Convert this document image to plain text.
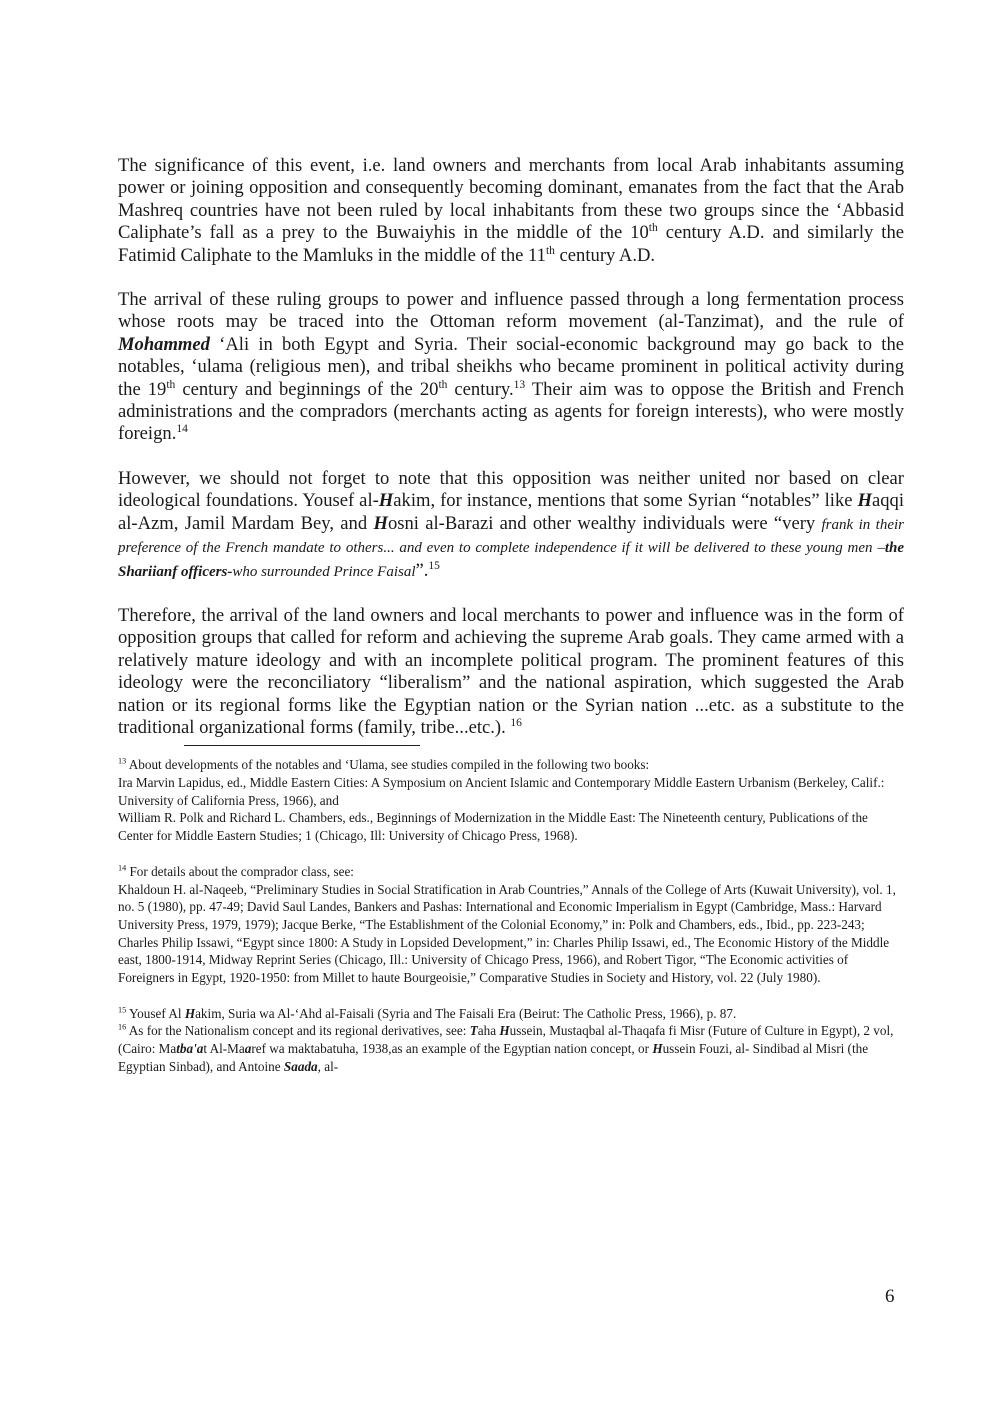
The significance of this event, i.e. land owners and merchants from local Arab inhabitants assuming power or joining opposition and consequently becoming dominant, emanates from the fact that the Arab Mashreq countries have not been ruled by local inhabitants from these two groups since the ‘Abbasid Caliphate’s fall as a prey to the Buwaiyhis in the middle of the 10th century A.D. and similarly the Fatimid Caliphate to the Mamluks in the middle of the 11th century A.D.

The arrival of these ruling groups to power and influence passed through a long fermentation process whose roots may be traced into the Ottoman reform movement (al-Tanzimat), and the rule of Mohammed ‘Ali in both Egypt and Syria. Their social-economic background may go back to the notables, ‘ulama (religious men), and tribal sheikhs who became prominent in political activity during the 19th century and beginnings of the 20th century.$^{13}$ Their aim was to oppose the British and French administrations and the compradors (merchants acting as agents for foreign interests), who were mostly foreign.$^{14}$

However, we should not forget to note that this opposition was neither united nor based on clear ideological foundations. Yousef al-Hakim, for instance, mentions that some Syrian “notables” like Haqqi al-Azm, Jamil Mardam Bey, and Hosni al-Barazi and other wealthy individuals were “very frank in their preference of the French mandate to others... and even to complete independence if it will be delivered to these young men –the Shariianf officers-who surrounded Prince Faisal”.$^{15}$

Therefore, the arrival of the land owners and local merchants to power and influence was in the form of opposition groups that called for reform and achieving the supreme Arab goals. They came armed with a relatively mature ideology and with an incomplete political program. The prominent features of this ideology were the reconciliatory “liberalism” and the national aspiration, which suggested the Arab nation or its regional forms like the Egyptian nation or the Syrian nation ...etc. as a substitute to the traditional organizational forms (family, tribe...etc.). $^{16}$

$^{13}$ About developments of the notables and ‘Ulama, see studies compiled in the following two books:

Ira Marvin Lapidus, ed., Middle Eastern Cities: A Symposium on Ancient Islamic and Contemporary Middle Eastern Urbanism (Berkeley, Calif.: University of California Press, 1966), and

William R. Polk and Richard L. Chambers, eds., Beginnings of Modernization in the Middle East: The Nineteenth century, Publications of the Center for Middle Eastern Studies; 1 (Chicago, Ill: University of Chicago Press, 1968).

$^{14}$ For details about the comprador class, see:

Khaldoun H. al-Naqeeb, “Preliminary Studies in Social Stratification in Arab Countries,” Annals of the College of Arts (Kuwait University), vol. 1, no. 5 (1980), pp. 47-49; David Saul Landes, Bankers and Pashas: International and Economic Imperialism in Egypt (Cambridge, Mass.: Harvard University Press, 1979, 1979); Jacque Berke, “The Establishment of the Colonial Economy,” in: Polk and Chambers, eds., Ibid., pp. 223-243; Charles Philip Issawi, “Egypt since 1800: A Study in Lopsided Development,” in: Charles Philip Issawi, ed., The Economic History of the Middle east, 1800-1914, Midway Reprint Series (Chicago, Ill.: University of Chicago Press, 1966), and Robert Tigor, “The Economic activities of Foreigners in Egypt, 1920-1950: from Millet to haute Bourgeoisie,” Comparative Studies in Society and History, vol. 22 (July 1980).

$^{15}$ Yousef Al Hakim, Suria wa Al-‘Ahd al-Faisali (Syria and The Faisali Era (Beirut: The Catholic Press, 1966), p. 87.

$^{16}$ As for the Nationalism concept and its regional derivatives, see: Taha Hussein, Mustaqbal al-Thaqafa fi Misr (Future of Culture in Egypt), 2 vol, (Cairo: Matba'at Al-Maaref wa maktabatuha, 1938,as an example of the Egyptian nation concept, or Hussein Fouzi, al- Sindibad al Misri (the Egyptian Sinbad), and Antoine Saada, al-

6
